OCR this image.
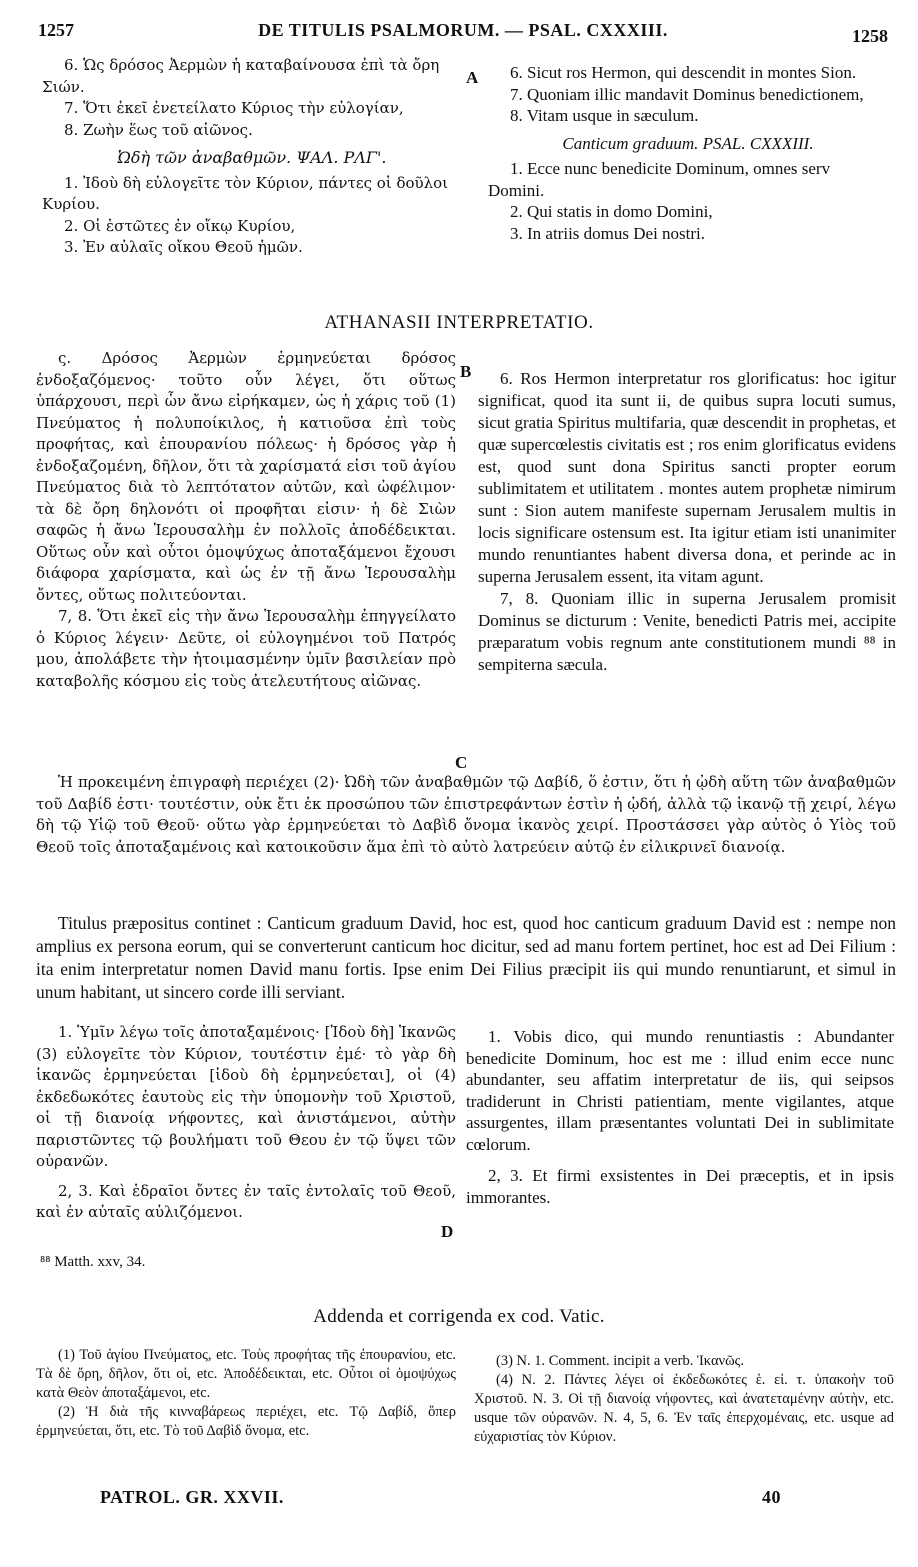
1257	DE TITULIS PSALMORUM. — PSAL. CXXXIII.	1258

6. Ὡς δρόσος Ἀερμὼν ἡ καταβαίνουσα ἐπὶ τὰ ὄρη Σιών.

7. Ὅτι ἐκεῖ ἐνετείλατο Κύριος τὴν εὐλογίαν,

8. Ζωὴν ἕως τοῦ αἰῶνος.

Ὠδὴ τῶν ἀναβαθμῶν. ΨΑΛ. ΡΛΓ'.

1. Ἰδοὺ δὴ εὐλογεῖτε τὸν Κύριον, πάντες οἱ δοῦλοι Κυρίου.

2. Οἱ ἑστῶτες ἐν οἴκῳ Κυρίου,

3. Ἐν αὐλαῖς οἴκου Θεοῦ ἡμῶν.

A	6. Sicut ros Hermon, qui descendit in montes Sion.

7. Quoniam illic mandavit Dominus benedictionem,

8. Vitam usque in sæculum.

Canticum graduum. PSAL. CXXXIII.

1. Ecce nunc benedicite Dominum, omnes serv Domini.

2. Qui statis in domo Domini,

3. In atriis domus Dei nostri.

ATHANASII INTERPRETATIO.

ς. Δρόσος Ἀερμὼν ἑρμηνεύεται δρόσος ἐνδοξαζόμενος· τοῦτο οὖν λέγει, ὅτι οὕτως ὑπάρχουσι, περὶ ὧν ἄνω εἰρήκαμεν, ὡς ἡ χάρις τοῦ (1) Πνεύματος ἡ πολυποίκιλος, ἡ κατιοῦσα ἐπὶ τοὺς προφήτας, καὶ ἐπουρανίου πόλεως· ἡ δρόσος γὰρ ἡ ἐνδοξαζομένη, δῆλον, ὅτι τὰ χαρίσματά εἰσι τοῦ ἁγίου Πνεύματος διὰ τὸ λεπτότατον αὐτῶν, καὶ ὠφέλιμον· τὰ δὲ ὄρη δηλονότι οἱ προφῆται εἰσιν· ἡ δὲ Σιὼν σαφῶς ἡ ἄνω Ἱερουσαλὴμ ἐν πολλοῖς ἀποδέδεικται. Οὕτως οὖν καὶ οὗτοι ὁμοψύχως ἀποταξάμενοι ἔχουσι διάφορα χαρίσματα, καὶ ὡς ἐν τῇ ἄνω Ἱερουσαλὴμ ὄντες, οὕτως πολιτεύονται.

7, 8. Ὅτι ἐκεῖ εἰς τὴν ἄνω Ἱερουσαλὴμ ἐπηγγείλατο ὁ Κύριος λέγειν· Δεῦτε, οἱ εὐλογημένοι τοῦ Πατρός μου, ἀπολάβετε τὴν ἡτοιμασμένην ὑμῖν βασιλείαν πρὸ καταβολῆς κόσμου εἰς τοὺς ἀτελευτήτους αἰῶνας.

B
C

6. Ros Hermon interpretatur ros glorificatus: hoc igitur significat, quod ita sunt ii, de quibus supra locuti sumus, sicut gratia Spiritus multifaria, quæ descendit in prophetas, et quæ supercœlestis civitatis est ; ros enim glorificatus evidens est, quod sunt dona Spiritus sancti propter eorum sublimitatem et utilitatem . montes autem prophetæ nimirum sunt : Sion autem manifeste supernam Jerusalem multis in locis significare ostensum est. Ita igitur etiam isti unanimiter mundo renuntiantes habent diversa dona, et perinde ac in superna Jerusalem essent, ita vitam agunt.

7, 8. Quoniam illic in superna Jerusalem promisit Dominus se dicturum : Venite, benedicti Patris mei, accipite præparatum vobis regnum ante constitutionem mundi ⁸⁸ in sempiterna sæcula.

Ἡ προκειμένη ἐπιγραφὴ περιέχει (2)· Ὠδὴ τῶν ἀναβαθμῶν τῷ Δαβίδ, ὅ ἐστιν, ὅτι ἡ ᾠδὴ αὕτη τῶν ἀναβαθμῶν τοῦ Δαβίδ ἐστι· τουτέστιν, οὐκ ἔτι ἐκ προσώπου τῶν ἐπιστρεφάντων ἐστὶν ἡ ᾠδή, ἀλλὰ τῷ ἱκανῷ τῇ χειρί, λέγω δὴ τῷ Υἱῷ τοῦ Θεοῦ· οὕτω γὰρ ἑρμηνεύεται τὸ Δαβὶδ ὄνομα ἱκανὸς χειρί. Προστάσσει γὰρ αὐτὸς ὁ Υἱὸς τοῦ Θεοῦ τοῖς ἀποταξαμένοις καὶ κατοικοῦσιν ἅμα ἐπὶ τὸ αὐτὸ λατρεύειν αὐτῷ ἐν εἰλικρινεῖ διανοίᾳ.

Titulus præpositus continet : Canticum graduum David, hoc est, quod hoc canticum graduum David est : nempe non amplius ex persona eorum, qui se converterunt canticum hoc dicitur, sed ad manu fortem pertinet, hoc est ad Dei Filium : ita enim interpretatur nomen David manu fortis. Ipse enim Dei Filius præcipit iis qui mundo renuntiarunt, et simul in unum habitant, ut sincero corde illi serviant.

1. Ὑμῖν λέγω τοῖς ἀποταξαμένοις· [Ἰδοὺ δὴ] Ἱκανῶς (3) εὐλογεῖτε τὸν Κύριον, τουτέστιν ἐμέ· τὸ γὰρ δὴ ἱκανῶς ἑρμηνεύεται [ἰδοὺ δὴ ἑρμηνεύεται], οἱ (4) ἐκδεδωκότες ἑαυτοὺς εἰς τὴν ὑπομονὴν τοῦ Χριστοῦ, οἱ τῇ διανοίᾳ νήφοντες, καὶ ἀνιστάμενοι, αὐτὴν παριστῶντες τῷ βουλήματι τοῦ Θεου ἐν τῷ ὕψει τῶν οὐρανῶν.

2, 3. Καὶ ἑδραῖοι ὄντες ἐν ταῖς ἐντολαῖς τοῦ Θεοῦ, καὶ ἐν αὐταῖς αὐλιζόμενοι.

D

1. Vobis dico, qui mundo renuntiastis : Abundanter benedicite Dominum, hoc est me : illud enim ecce nunc abundanter, seu affatim interpretatur de iis, qui seipsos tradiderunt in Christi patientiam, mente vigilantes, atque assurgentes, illam præsentantes voluntati Dei in sublimitate cœlorum.

2, 3. Et firmi exsistentes in Dei præceptis, et in ipsis immorantes.

⁸⁸ Matth. xxv, 34.
Addenda et corrigenda ex cod. Vatic.

(1) Τοῦ ἁγίου Πνεύματος, etc. Τοὺς προφήτας τῆς ἐπουρανίου, etc. Τὰ δὲ ὄρη, δῆλον, ὅτι οἱ, etc. Ἀποδέδεικται, etc. Οὗτοι οἱ ὁμοψύχως κατὰ Θεὸν ἀποταξάμενοι, etc.

(2) Ἡ διὰ τῆς κινναβάρεως περιέχει, etc. Τῷ Δαβίδ, ὅπερ ἑρμηνεύεται, ὅτι, etc. Τὸ τοῦ Δαβὶδ ὄνομα, etc.

(3) N. 1. Comment. incipit a verb. Ἱκανῶς.

(4) N. 2. Πάντες λέγει οἱ ἐκδεδωκότες ἑ. εἰ. τ. ὑπακοὴν τοῦ Χριστοῦ. N. 3. Οἱ τῇ διανοίᾳ νήφοντες, καὶ ἀνατεταμένην αὐτὴν, etc. usque τῶν οὐρανῶν. N. 4, 5, 6. Ἐν ταῖς ἐπερχομέναις, etc. usque ad εὐχαριστίας τὸν Κύριον.

PATROL. GR. XXVII.	40
